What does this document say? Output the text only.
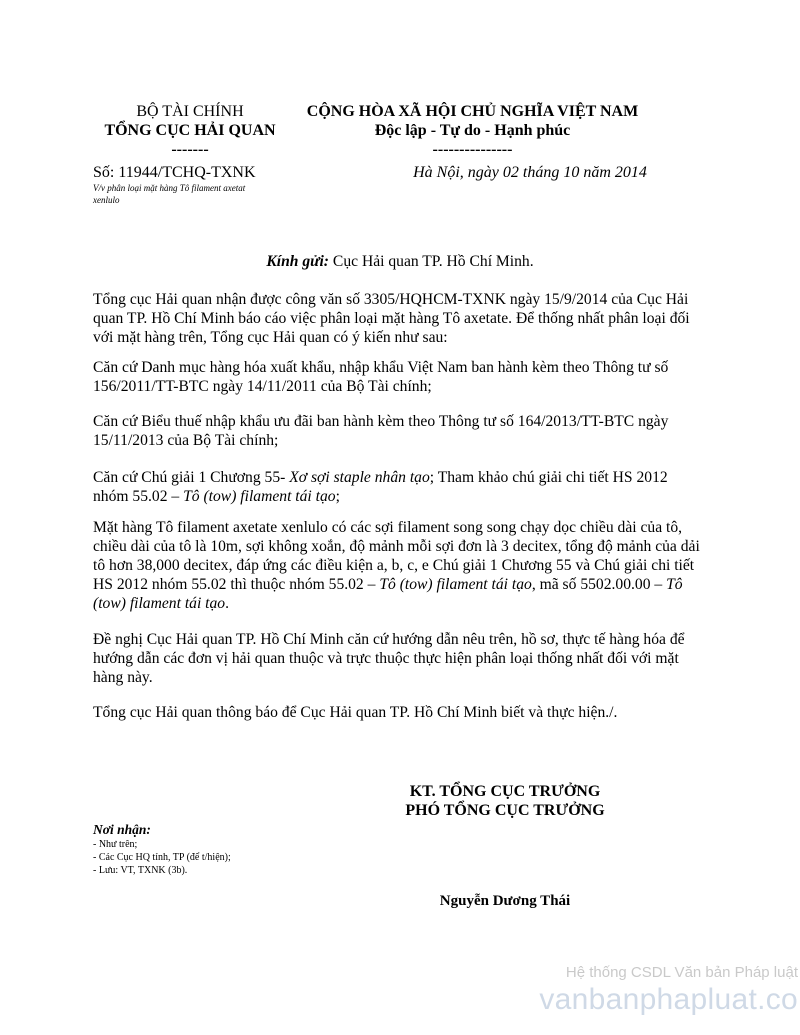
BỘ TÀI CHÍNH
TỔNG CỤC HẢI QUAN
-------
CỘNG HÒA XÃ HỘI CHỦ NGHĨA VIỆT NAM
Độc lập - Tự do - Hạnh phúc
---------------
Số: 11944/TCHQ-TXNK
V/v phân loại mặt hàng Tô filament axetat
xenlulo
Hà Nội, ngày 02 tháng 10 năm 2014
Kính gửi: Cục Hải quan TP. Hồ Chí Minh.
Tổng cục Hải quan nhận được công văn số 3305/HQHCM-TXNK ngày 15/9/2014 của Cục Hải quan TP. Hồ Chí Minh báo cáo việc phân loại mặt hàng Tô axetate. Để thống nhất phân loại đối với mặt hàng trên, Tổng cục Hải quan có ý kiến như sau:
Căn cứ Danh mục hàng hóa xuất khẩu, nhập khẩu Việt Nam ban hành kèm theo Thông tư số 156/2011/TT-BTC ngày 14/11/2011 của Bộ Tài chính;
Căn cứ Biểu thuế nhập khẩu ưu đãi ban hành kèm theo Thông tư số 164/2013/TT-BTC ngày 15/11/2013 của Bộ Tài chính;
Căn cứ Chú giải 1 Chương 55- Xơ sợi staple nhân tạo; Tham khảo chú giải chi tiết HS 2012 nhóm 55.02 – Tô (tow) filament tái tạo;
Mặt hàng Tô filament axetate xenlulo có các sợi filament song song chạy dọc chiều dài của tô, chiều dài của tô là 10m, sợi không xoắn, độ mảnh mỗi sợi đơn là 3 decitex, tổng độ mảnh của dải tô hơn 38,000 decitex, đáp ứng các điều kiện a, b, c, e Chú giải 1 Chương 55 và Chú giải chi tiết HS 2012 nhóm 55.02 thì thuộc nhóm 55.02 – Tô (tow) filament tái tạo, mã số 5502.00.00 – Tô (tow) filament tái tạo.
Đề nghị Cục Hải quan TP. Hồ Chí Minh căn cứ hướng dẫn nêu trên, hồ sơ, thực tế hàng hóa để hướng dẫn các đơn vị hải quan thuộc và trực thuộc thực hiện phân loại thống nhất đối với mặt hàng này.
Tổng cục Hải quan thông báo để Cục Hải quan TP. Hồ Chí Minh biết và thực hiện./.
KT. TỔNG CỤC TRƯỞNG
PHÓ TỔNG CỤC TRƯỞNG
Nguyễn Dương Thái
Nơi nhận:
- Như trên;
- Các Cục HQ tỉnh, TP (để t/hiện);
- Lưu: VT, TXNK (3b).
Hệ thống CSDL Văn bản Pháp luật
vanbanphapluat.co
